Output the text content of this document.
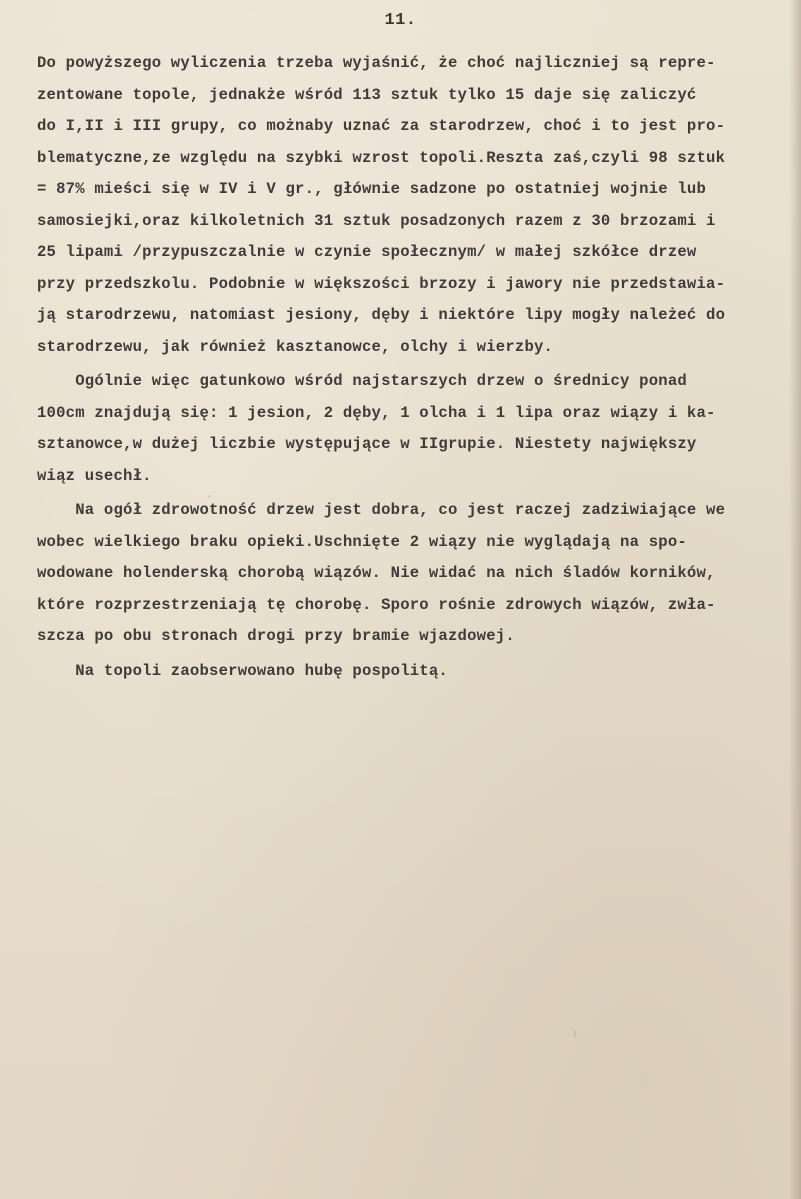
11.
Do powyższego wyliczenia trzeba wyjaśnić, że choć najliczniej są repre-
zentowane topole, jednakże wśród 113 sztuk tylko 15 daje się zaliczyć
do I,II i III grupy, co możnaby uznać za starodrzew, choć i to jest pro-
blematyczne,ze względu na szybki wzrost topoli.Reszta zaś,czyli 98 sztuk
= 87% mieści się w IV i V gr., głównie sadzone po ostatniej wojnie lub
samosiejki,oraz kilkoletnich 31 sztuk posadzonych razem z 30 brzozami i
25 lipami /przypuszczalnie w czynie społecznym/ w małej szkółce drzew
przy przedszkolu. Podobnie w większości brzozy i jawory nie przedstawia-
ją starodrzewu, natomiast jesiony, dęby i niektóre lipy mogły należeć do
starodrzewu, jak również kasztanowce, olchy i wierzby.
Ogólnie więc gatunkowo wśród najstarszych drzew o średnicy ponad
100cm znajdują się: 1 jesion, 2 dęby, 1 olcha i 1 lipa oraz wiązy i ka-
sztanowce,w dużej liczbie występujące w IIgrupie. Niestety największy
wiąz usechł.
Na ogół zdrowotność drzew jest dobra, co jest raczej zadziwiające we
wobec wielkiego braku opieki.Uschnięte 2 wiązy nie wyglądają na spo-
wodowane holenderską chorobą wiązów. Nie widać na nich śladów korników,
które rozprzestrzeniają tę chorobę. Sporo rośnie zdrowych wiązów, zwła-
szcza po obu stronach drogi przy bramie wjazdowej.
Na topoli zaobserwowano hubę pospolitą.
